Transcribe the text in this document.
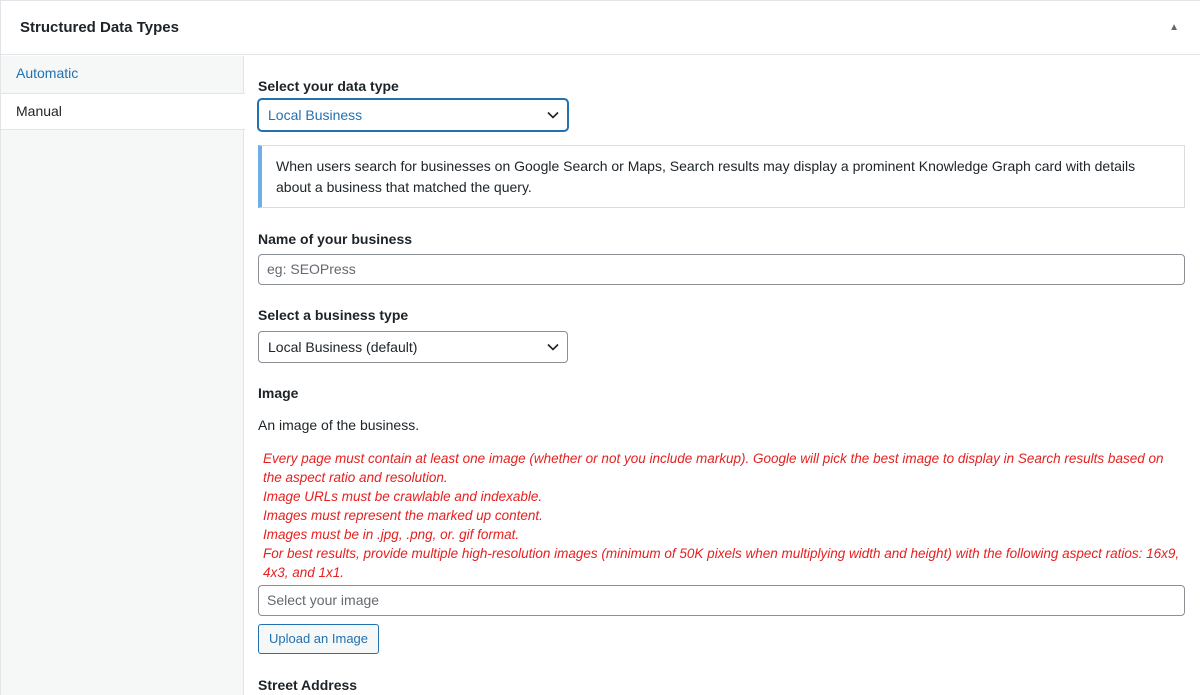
Structured Data Types	▲
Automatic
Manual
Select your data type
Local Business
When users search for businesses on Google Search or Maps, Search results may display a prominent Knowledge Graph card with details about a business that matched the query.
Name of your business
eg: SEOPress
Select a business type
Local Business (default)
Image
An image of the business.
Every page must contain at least one image (whether or not you include markup). Google will pick the best image to display in Search results based on the aspect ratio and resolution.
Image URLs must be crawlable and indexable.
Images must represent the marked up content.
Images must be in .jpg, .png, or. gif format.
For best results, provide multiple high-resolution images (minimum of 50K pixels when multiplying width and height) with the following aspect ratios: 16x9, 4x3, and 1x1.
Select your image
Upload an Image
Street Address
